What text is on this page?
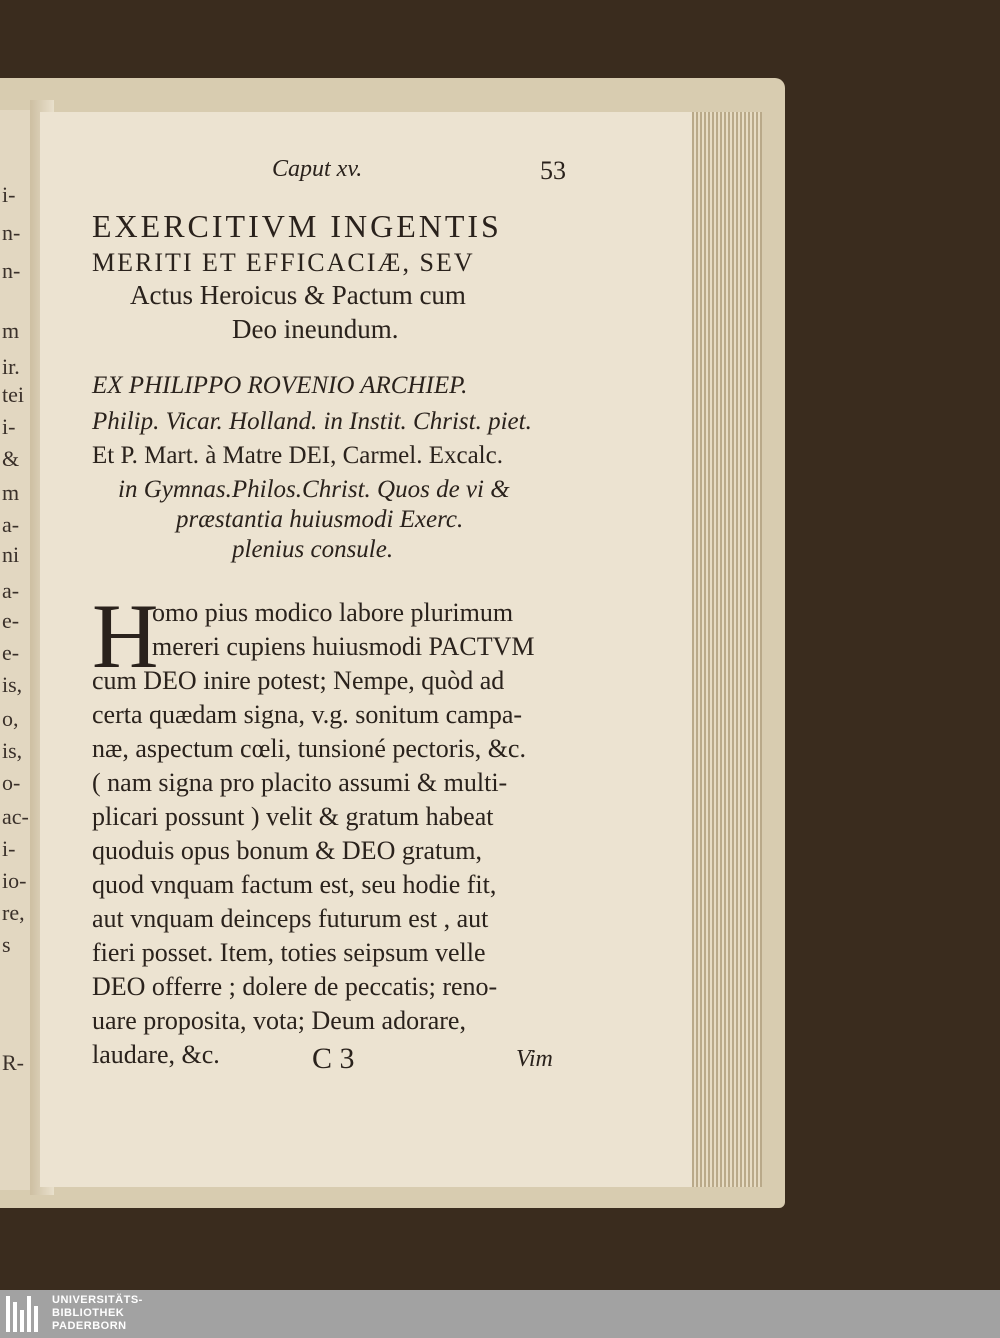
i-
n-
n-
m
ir.
tei
i-
&
m
a-
ni
a-
e-
e-
is,
o,
is,
o-
ac-
i-
io-
re,
s
R-
Caput xv.	53
EXERCITIVM INGENTIS
MERITI ET EFFICACIÆ, SEV
Actus Heroicus & Pactum cum
Deo ineundum.
EX PHILIPPO ROVENIO ARCHIEP.
Philip. Vicar. Holland. in Instit. Christ. piet.
Et P. Mart. à Matre DEI, Carmel. Excalc.
in Gymnas.Philos.Christ. Quos de vi &
præstantia huiusmodi Exerc.
plenius consule.
H
omo pius modico labore plurimum
mereri cupiens huiusmodi PACTVM
cum DEO inire potest; Nempe, quòd ad
certa quædam signa, v.g. sonitum campa-
næ, aspectum cœli, tunsioné pectoris, &c.
( nam signa pro placito assumi & multi-
plicari possunt ) velit & gratum habeat
quoduis opus bonum & DEO gratum,
quod vnquam factum est, seu hodie fit,
aut vnquam deinceps futurum est , aut
fieri posset. Item, toties seipsum velle
DEO offerre ; dolere de peccatis; reno-
uare proposita, vota; Deum adorare,
laudare, &c.	C 3	Vim
UNIVERSITÄTS-
BIBLIOTHEK
PADERBORN
